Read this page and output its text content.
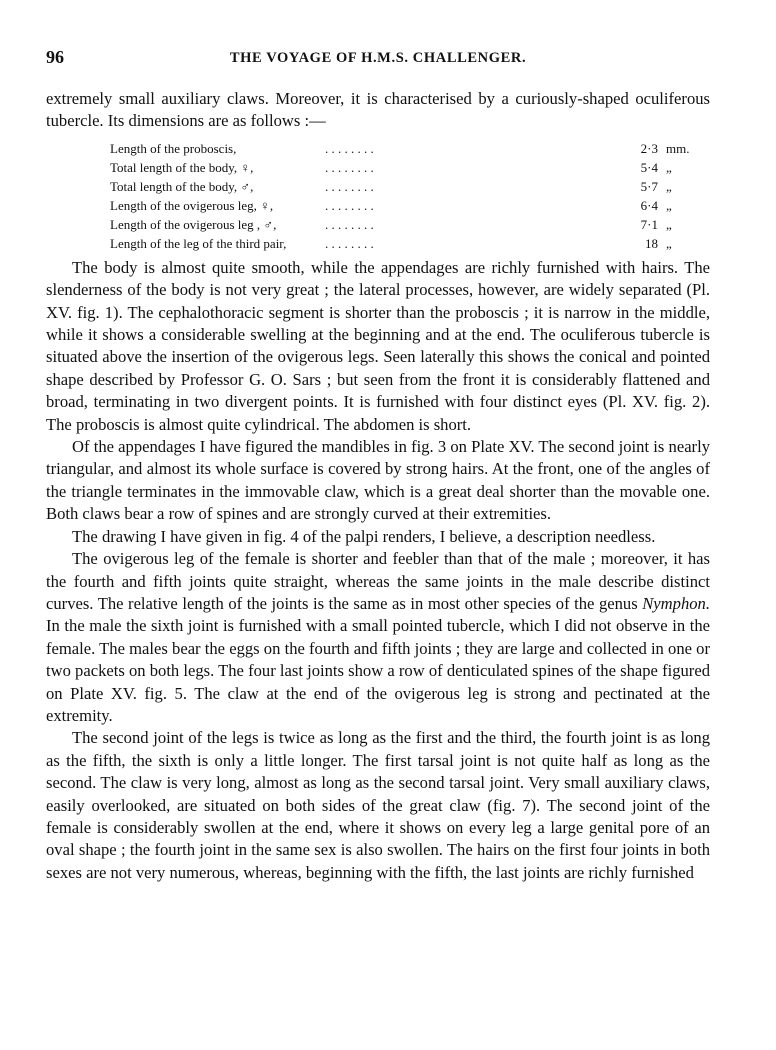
96	THE VOYAGE OF H.M.S. CHALLENGER.

extremely small auxiliary claws. Moreover, it is characterised by a curiously-shaped oculiferous tubercle. Its dimensions are as follows :—

Length of the proboscis, .	2·3 mm.
Total length of the body, ♀, .	5·4 „
Total length of the body, ♂, .	5·7 „
Length of the ovigerous leg, ♀, .	6·4 „
Length of the ovigerous leg , ♂, .	7·1 „
Length of the leg of the third pair, .	18 „

The body is almost quite smooth, while the appendages are richly furnished with hairs. The slenderness of the body is not very great ; the lateral processes, however, are widely separated (Pl. XV. fig. 1). The cephalothoracic segment is shorter than the proboscis ; it is narrow in the middle, while it shows a considerable swelling at the beginning and at the end. The oculiferous tubercle is situated above the insertion of the ovigerous legs. Seen laterally this shows the conical and pointed shape described by Professor G. O. Sars ; but seen from the front it is considerably flattened and broad, terminating in two divergent points. It is furnished with four distinct eyes (Pl. XV. fig. 2). The proboscis is almost quite cylindrical. The abdomen is short.

Of the appendages I have figured the mandibles in fig. 3 on Plate XV. The second joint is nearly triangular, and almost its whole surface is covered by strong hairs. At the front, one of the angles of the triangle terminates in the immovable claw, which is a great deal shorter than the movable one. Both claws bear a row of spines and are strongly curved at their extremities.

The drawing I have given in fig. 4 of the palpi renders, I believe, a description needless.

The ovigerous leg of the female is shorter and feebler than that of the male ; moreover, it has the fourth and fifth joints quite straight, whereas the same joints in the male describe distinct curves. The relative length of the joints is the same as in most other species of the genus Nymphon. In the male the sixth joint is furnished with a small pointed tubercle, which I did not observe in the female. The males bear the eggs on the fourth and fifth joints ; they are large and collected in one or two packets on both legs. The four last joints show a row of denticulated spines of the shape figured on Plate XV. fig. 5. The claw at the end of the ovigerous leg is strong and pectinated at the extremity.

The second joint of the legs is twice as long as the first and the third, the fourth joint is as long as the fifth, the sixth is only a little longer. The first tarsal joint is not quite half as long as the second. The claw is very long, almost as long as the second tarsal joint. Very small auxiliary claws, easily overlooked, are situated on both sides of the great claw (fig. 7). The second joint of the female is considerably swollen at the end, where it shows on every leg a large genital pore of an oval shape ; the fourth joint in the same sex is also swollen. The hairs on the first four joints in both sexes are not very numerous, whereas, beginning with the fifth, the last joints are richly furnished
